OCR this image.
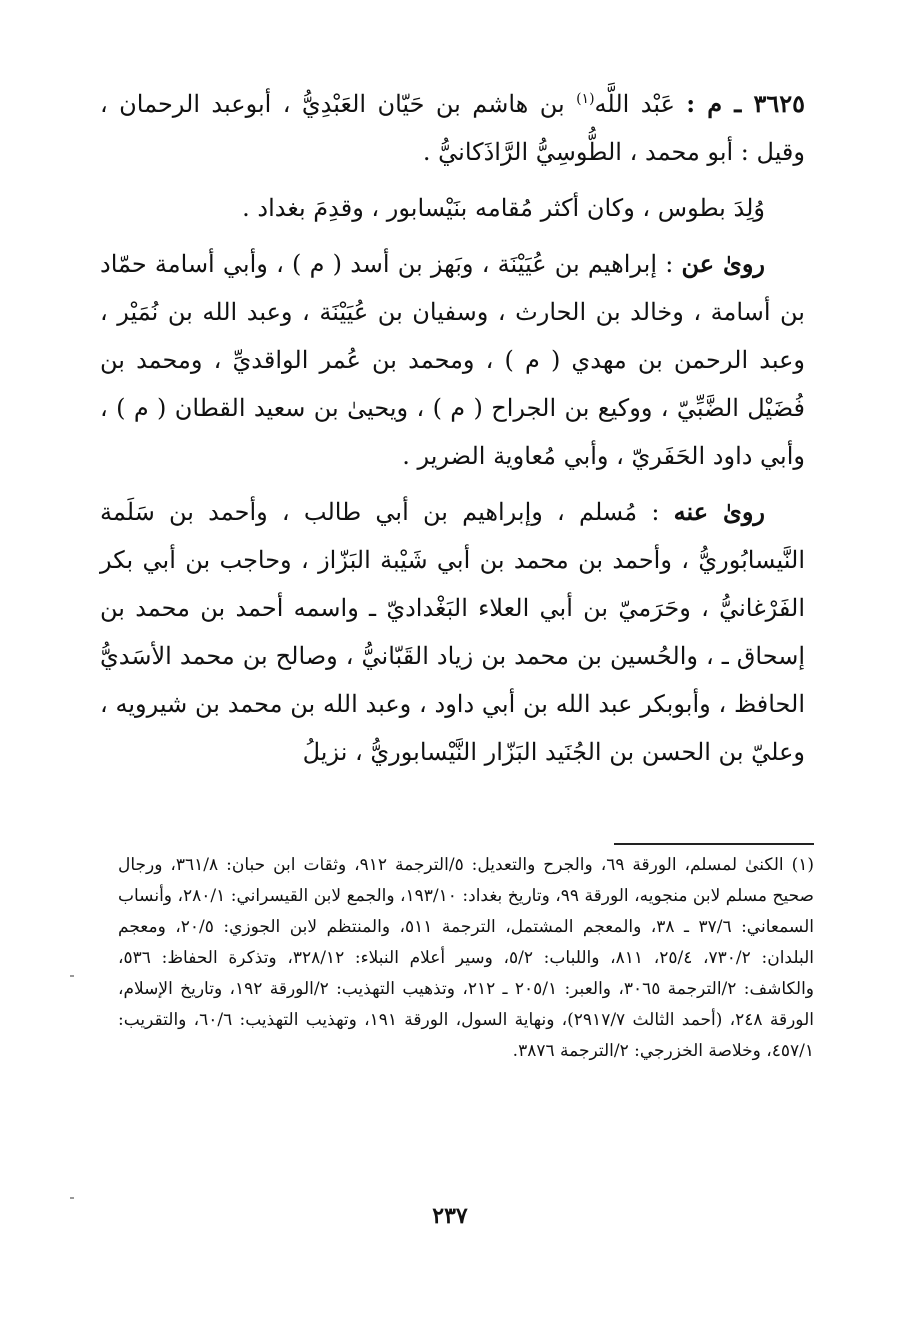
٣٦٢٥ ـ م : عَبْد اللَّه$^{(١)}$ بن هاشم بن حَيّان العَبْدِيُّ ، أبوعبد الرحمان ، وقيل : أبو محمد ، الطُّوسِيُّ الرَّاذَكانيُّ .

وُلِدَ بطوس ، وكان أكثر مُقامه بنَيْسابور ، وقدِمَ بغداد .

روىٰ عن : إبراهيم بن عُيَيْنَة ، وبَهز بن أسد ( م ) ، وأبي أسامة حمّاد بن أسامة ، وخالد بن الحارث ، وسفيان بن عُيَيْنَة ، وعبد الله بن نُمَيْر ، وعبد الرحمن بن مهدي ( م ) ، ومحمد بن عُمر الواقديِّ ، ومحمد بن فُضَيْل الضَّبِّيّ ، ووكيع بن الجراح ( م ) ، ويحيىٰ بن سعيد القطان ( م ) ، وأبي داود الحَفَريّ ، وأبي مُعاوية الضرير .

روىٰ عنه : مُسلم ، وإبراهيم بن أبي طالب ، وأحمد بن سَلَمة النَّيسابُوريُّ ، وأحمد بن محمد بن أبي شَيْبة البَزّاز ، وحاجب بن أبي بكر الفَرْغانيُّ ، وحَرَميّ بن أبي العلاء البَغْداديّ ـ واسمه أحمد بن محمد بن إسحاق ـ ، والحُسين بن محمد بن زياد القَبّانيُّ ، وصالح بن محمد الأسَديُّ الحافظ ، وأبوبكر عبد الله بن أبي داود ، وعبد الله بن محمد بن شيرويه ، وعليّ بن الحسن بن الجُنَيد البَزّار النَّيْسابوريُّ ، نزيلُ

(١) الكنىٰ لمسلم، الورقة ٦٩، والجرح والتعديل: ٥/الترجمة ٩١٢، وثقات ابن حبان: ٣٦١/٨، ورجال صحيح مسلم لابن منجويه، الورقة ٩٩، وتاريخ بغداد: ١٩٣/١٠، والجمع لابن القيسراني: ٢٨٠/١، وأنساب السمعاني: ٣٧/٦ ـ ٣٨، والمعجم المشتمل، الترجمة ٥١١، والمنتظم لابن الجوزي: ٢٠/٥، ومعجم البلدان: ٧٣٠/٢، ٢٥/٤، ٨١١، واللباب: ٥/٢، وسير أعلام النبلاء: ٣٢٨/١٢، وتذكرة الحفاظ: ٥٣٦، والكاشف: ٢/الترجمة ٣٠٦٥، والعبر: ٢٠٥/١ ـ ٢١٢، وتذهيب التهذيب: ٢/الورقة ١٩٢، وتاريخ الإسلام، الورقة ٢٤٨، (أحمد الثالث ٢٩١٧/٧)، ونهاية السول، الورقة ١٩١، وتهذيب التهذيب: ٦٠/٦، والتقريب: ٤٥٧/١، وخلاصة الخزرجي: ٢/الترجمة ٣٨٧٦.
٢٣٧
